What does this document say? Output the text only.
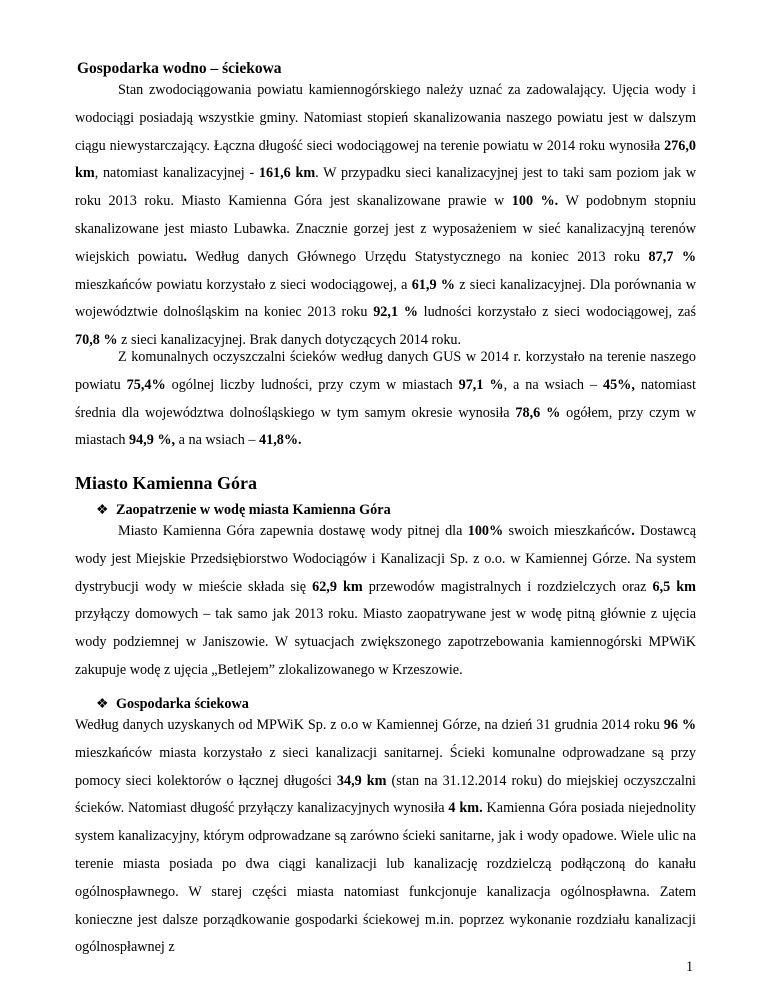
Gospodarka wodno – ściekowa

Stan zwodociągowania powiatu kamiennogórskiego należy uznać za zadowalający. Ujęcia wody i wodociągi posiadają wszystkie gminy. Natomiast stopień skanalizowania naszego powiatu jest w dalszym ciągu niewystarczający. Łączna długość sieci wodociągowej na terenie powiatu w 2014 roku wynosiła 276,0 km, natomiast kanalizacyjnej - 161,6 km. W przypadku sieci kanalizacyjnej jest to taki sam poziom jak w roku 2013 roku. Miasto Kamienna Góra jest skanalizowane prawie w 100 %. W podobnym stopniu skanalizowane jest miasto Lubawka. Znacznie gorzej jest z wyposażeniem w sieć kanalizacyjną terenów wiejskich powiatu. Według danych Głównego Urzędu Statystycznego na koniec 2013 roku 87,7 % mieszkańców powiatu korzystało z sieci wodociągowej, a 61,9 % z sieci kanalizacyjnej. Dla porównania w województwie dolnośląskim na koniec 2013 roku 92,1 % ludności korzystało z sieci wodociągowej, zaś 70,8 % z sieci kanalizacyjnej. Brak danych dotyczących 2014 roku.

Z komunalnych oczyszczalni ścieków według danych GUS w 2014 r. korzystało na terenie naszego powiatu 75,4% ogólnej liczby ludności, przy czym w miastach 97,1 %, a na wsiach – 45%, natomiast średnia dla województwa dolnośląskiego w tym samym okresie wynosiła 78,6 % ogółem, przy czym w miastach 94,9 %, a na wsiach – 41,8%.

Miasto Kamienna Góra

❖ Zaopatrzenie w wodę miasta Kamienna Góra

Miasto Kamienna Góra zapewnia dostawę wody pitnej dla 100% swoich mieszkańców. Dostawcą wody jest Miejskie Przedsiębiorstwo Wodociągów i Kanalizacji Sp. z o.o. w Kamiennej Górze. Na system dystrybucji wody w mieście składa się 62,9 km przewodów magistralnych i rozdzielczych oraz 6,5 km przyłączy domowych – tak samo jak 2013 roku. Miasto zaopatrywane jest w wodę pitną głównie z ujęcia wody podziemnej w Janiszowie. W sytuacjach zwiększonego zapotrzebowania kamiennogórski MPWiK zakupuje wodę z ujęcia „Betlejem” zlokalizowanego w Krzeszowie.

❖ Gospodarka ściekowa

Według danych uzyskanych od MPWiK Sp. z o.o w Kamiennej Górze, na dzień 31 grudnia 2014 roku 96 % mieszkańców miasta korzystało z sieci kanalizacji sanitarnej. Ścieki komunalne odprowadzane są przy pomocy sieci kolektorów o łącznej długości 34,9 km (stan na 31.12.2014 roku) do miejskiej oczyszczalni ścieków. Natomiast długość przyłączy kanalizacyjnych wynosiła 4 km. Kamienna Góra posiada niejednolity system kanalizacyjny, którym odprowadzane są zarówno ścieki sanitarne, jak i wody opadowe. Wiele ulic na terenie miasta posiada po dwa ciągi kanalizacji lub kanalizację rozdzielczą podłączoną do kanału ogólnospławnego. W starej części miasta natomiast funkcjonuje kanalizacja ogólnospławna. Zatem konieczne jest dalsze porządkowanie gospodarki ściekowej m.in. poprzez wykonanie rozdziału kanalizacji ogólnospławnej z

1
